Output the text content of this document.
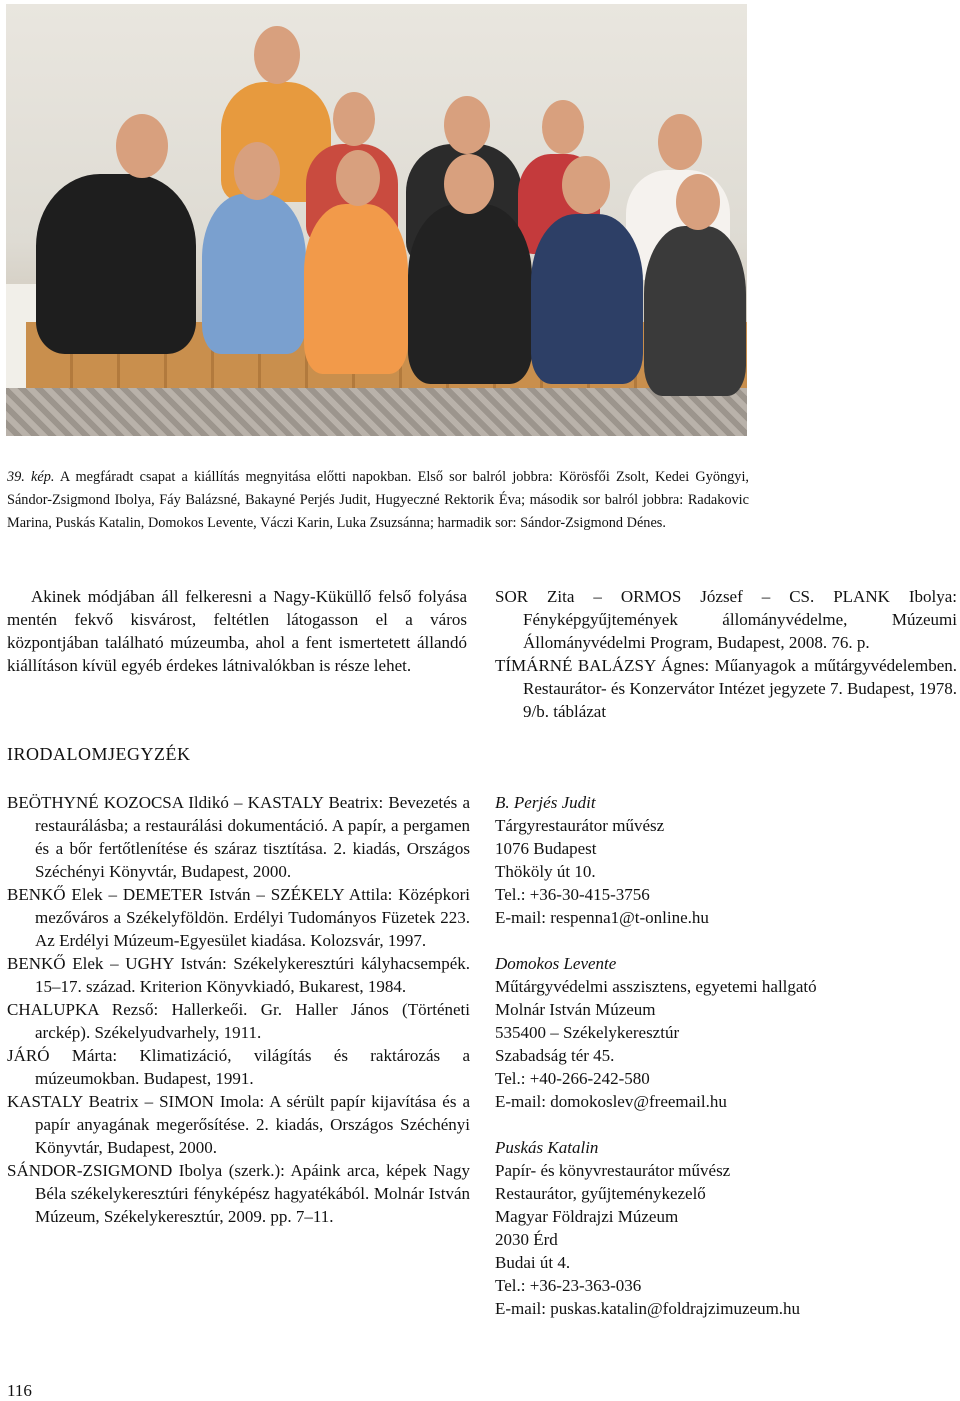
39. kép. A megfáradt csapat a kiállítás megnyitása előtti napokban. Első sor balról jobbra: Körösfői Zsolt, Kedei Gyöngyi, Sándor-Zsigmond Ibolya, Fáy Balázsné, Bakayné Perjés Judit, Hugyeczné Rektorik Éva; második sor balról jobbra: Radakovic Marina, Puskás Katalin, Domokos Levente, Váczi Karin, Luka Zsuzsánna; harmadik sor: Sándor-Zsigmond Dénes.

Akinek módjában áll felkeresni a Nagy-Küküllő felső folyása mentén fekvő kisvárost, feltétlen látogasson el a város központjában található múzeumba, ahol a fent ismertetett állandó kiállításon kívül egyéb érdekes látnivalókban is része lehet.

SOR Zita – ORMOS József – CS. PLANK Ibolya: Fényképgyűjtemények állományvédelme, Múzeumi Állományvédelmi Program, Budapest, 2008. 76. p.

TÍMÁRNÉ BALÁZSY Ágnes: Műanyagok a műtárgyvédelemben. Restaurátor- és Konzervátor Intézet jegyzete 7. Budapest, 1978. 9/b. táblázat

IRODALOMJEGYZÉK

BEÖTHYNÉ KOZOCSA Ildikó – KASTALY Beatrix: Bevezetés a restaurálásba; a restaurálási dokumentáció. A papír, a pergamen és a bőr fertőtlenítése és száraz tisztítása. 2. kiadás, Országos Széchényi Könyvtár, Budapest, 2000.

BENKŐ Elek – DEMETER István – SZÉKELY Attila: Középkori mezőváros a Székelyföldön. Erdélyi Tudományos Füzetek 223. Az Erdélyi Múzeum-Egyesület kiadása. Kolozsvár, 1997.

BENKŐ Elek – UGHY István: Székelykeresztúri kályhacsempék. 15–17. század. Kriterion Könyvkiadó, Bukarest, 1984.

CHALUPKA Rezső: Hallerkeői. Gr. Haller János (Történeti arckép). Székelyudvarhely, 1911.

JÁRÓ Márta: Klimatizáció, világítás és raktározás a múzeumokban. Budapest, 1991.

KASTALY Beatrix – SIMON Imola: A sérült papír kijavítása és a papír anyagának megerősítése. 2. kiadás, Országos Széchényi Könyvtár, Budapest, 2000.

SÁNDOR-ZSIGMOND Ibolya (szerk.): Apáink arca, képek Nagy Béla székelykeresztúri fényképész hagyatékából. Molnár István Múzeum, Székelykeresztúr, 2009. pp. 7–11.

B. Perjés Judit
Tárgyrestaurátor művész
1076 Budapest
Thököly út 10.
Tel.: +36-30-415-3756
E-mail: respenna1@t-online.hu
Domokos Levente
Műtárgyvédelmi asszisztens, egyetemi hallgató
Molnár István Múzeum
535400 – Székelykeresztúr
Szabadság tér 45.
Tel.: +40-266-242-580
E-mail: domokoslev@freemail.hu
Puskás Katalin
Papír- és könyvrestaurátor művész
Restaurátor, gyűjteménykezelő
Magyar Földrajzi Múzeum
2030 Érd
Budai út 4.
Tel.: +36-23-363-036
E-mail: puskas.katalin@foldrajzimuzeum.hu

116
